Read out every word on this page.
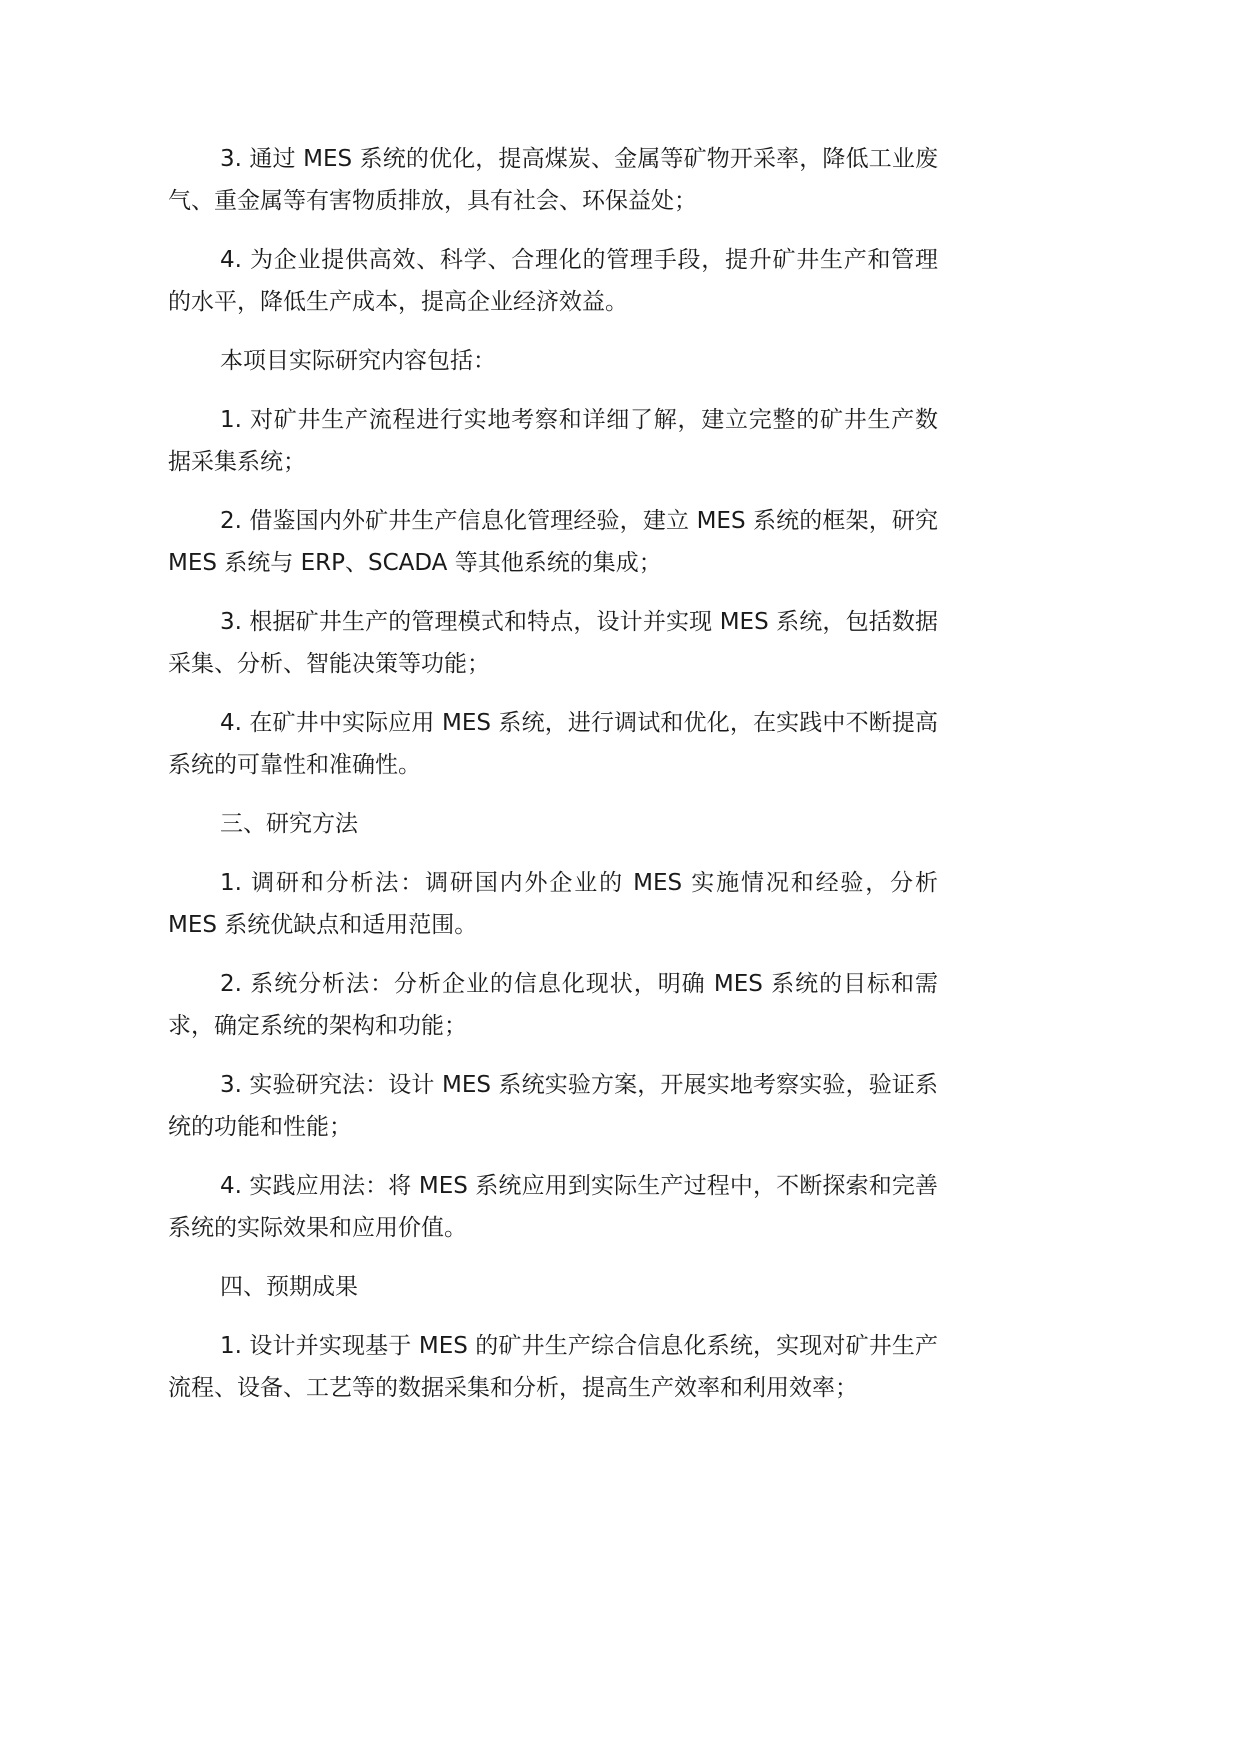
3. 通过 MES 系统的优化，提高煤炭、金属等矿物开采率，降低工业废气、重金属等有害物质排放，具有社会、环保益处；

4. 为企业提供高效、科学、合理化的管理手段，提升矿井生产和管理的水平，降低生产成本，提高企业经济效益。

本项目实际研究内容包括：

1. 对矿井生产流程进行实地考察和详细了解，建立完整的矿井生产数据采集系统；

2. 借鉴国内外矿井生产信息化管理经验，建立 MES 系统的框架，研究 MES 系统与 ERP、SCADA 等其他系统的集成；

3. 根据矿井生产的管理模式和特点，设计并实现 MES 系统，包括数据采集、分析、智能决策等功能；

4. 在矿井中实际应用 MES 系统，进行调试和优化，在实践中不断提高系统的可靠性和准确性。

三、研究方法

1. 调研和分析法：调研国内外企业的 MES 实施情况和经验，分析 MES 系统优缺点和适用范围。

2. 系统分析法：分析企业的信息化现状，明确 MES 系统的目标和需求，确定系统的架构和功能；

3. 实验研究法：设计 MES 系统实验方案，开展实地考察实验，验证系统的功能和性能；

4. 实践应用法：将 MES 系统应用到实际生产过程中，不断探索和完善系统的实际效果和应用价值。

四、预期成果

1. 设计并实现基于 MES 的矿井生产综合信息化系统，实现对矿井生产流程、设备、工艺等的数据采集和分析，提高生产效率和利用效率；
